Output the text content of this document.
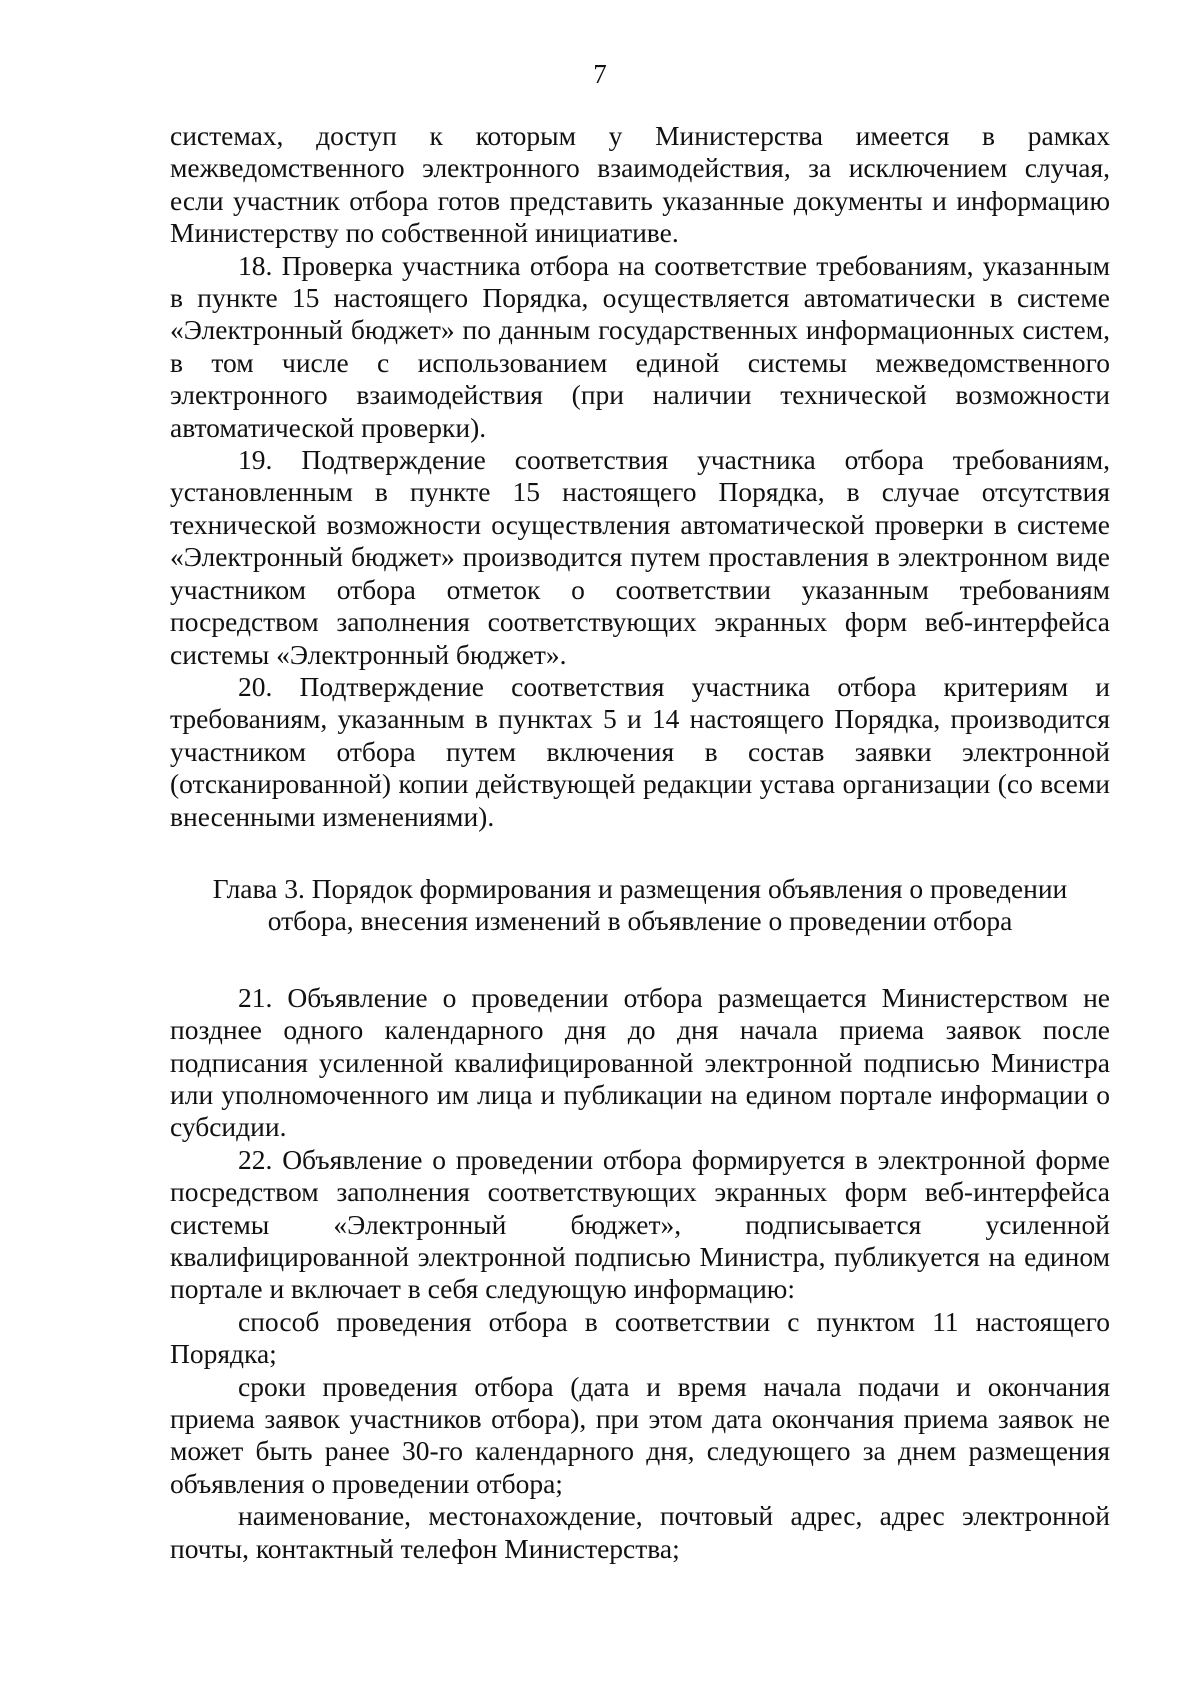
7

системах, доступ к которым у Министерства имеется в рамках межведомственного электронного взаимодействия, за исключением случая, если участник отбора готов представить указанные документы и информацию Министерству по собственной инициативе.

18. Проверка участника отбора на соответствие требованиям, указанным в пункте 15 настоящего Порядка, осуществляется автоматически в системе «Электронный бюджет» по данным государственных информационных систем, в том числе с использованием единой системы межведомственного электронного взаимодействия (при наличии технической возможности автоматической проверки).

19. Подтверждение соответствия участника отбора требованиям, установленным в пункте 15 настоящего Порядка, в случае отсутствия технической возможности осуществления автоматической проверки в системе «Электронный бюджет» производится путем проставления в электронном виде участником отбора отметок о соответствии указанным требованиям посредством заполнения соответствующих экранных форм веб-интерфейса системы «Электронный бюджет».

20. Подтверждение соответствия участника отбора критериям и требованиям, указанным в пунктах 5 и 14 настоящего Порядка, производится участником отбора путем включения в состав заявки электронной (отсканированной) копии действующей редакции устава организации (со всеми внесенными изменениями).

Глава 3. Порядок формирования и размещения объявления о проведении
отбора, внесения изменений в объявление о проведении отбора

21. Объявление о проведении отбора размещается Министерством не позднее одного календарного дня до дня начала приема заявок после подписания усиленной квалифицированной электронной подписью Министра или уполномоченного им лица и публикации на едином портале информации о субсидии.

22. Объявление о проведении отбора формируется в электронной форме посредством заполнения соответствующих экранных форм веб-интерфейса системы «Электронный бюджет», подписывается усиленной квалифицированной электронной подписью Министра, публикуется на едином портале и включает в себя следующую информацию:

способ проведения отбора в соответствии с пунктом 11 настоящего Порядка;

сроки проведения отбора (дата и время начала подачи и окончания приема заявок участников отбора), при этом дата окончания приема заявок не может быть ранее 30-го календарного дня, следующего за днем размещения объявления о проведении отбора;

наименование, местонахождение, почтовый адрес, адрес электронной почты, контактный телефон Министерства;
